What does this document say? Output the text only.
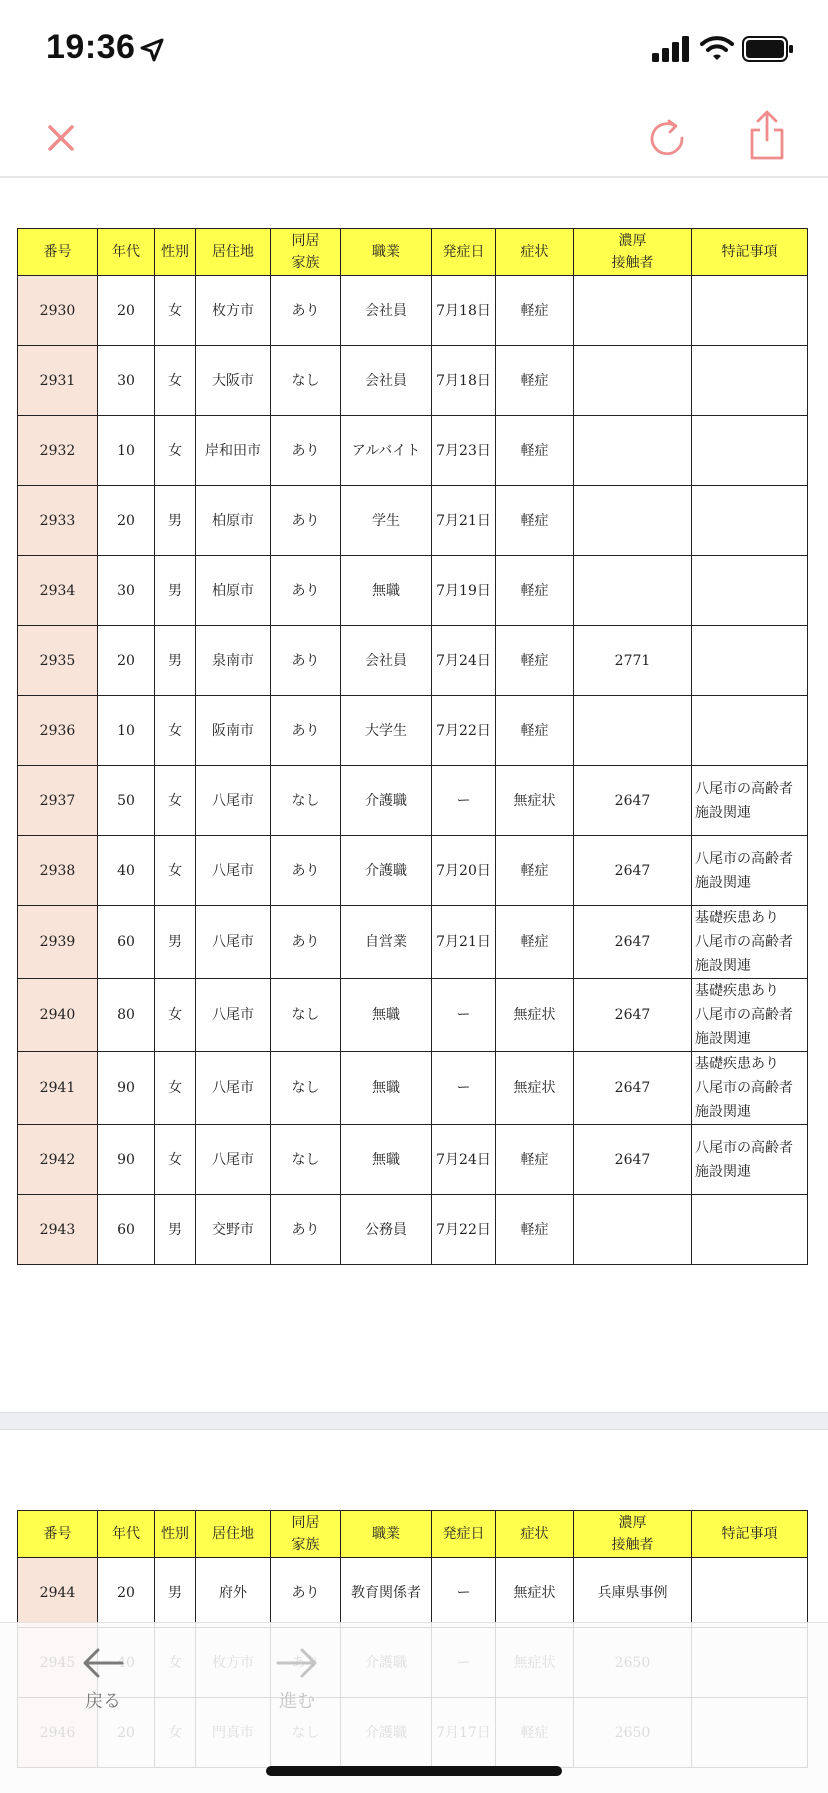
19:36
番号	年代	性別	居住地	同居
家族	職業	発症日	症状	濃厚
接触者	特記事項
2930	20	女	枚方市	あり	会社員	7月18日	軽症		
2931	30	女	大阪市	なし	会社員	7月18日	軽症		
2932	10	女	岸和田市	あり	アルバイト	7月23日	軽症		
2933	20	男	柏原市	あり	学生	7月21日	軽症		
2934	30	男	柏原市	あり	無職	7月19日	軽症		
2935	20	男	泉南市	あり	会社員	7月24日	軽症	2771	
2936	10	女	阪南市	あり	大学生	7月22日	軽症		
2937	50	女	八尾市	なし	介護職	ー	無症状	2647	八尾市の高齢者
施設関連
2938	40	女	八尾市	あり	介護職	7月20日	軽症	2647	八尾市の高齢者
施設関連
2939	60	男	八尾市	あり	自営業	7月21日	軽症	2647	基礎疾患あり
八尾市の高齢者
施設関連
2940	80	女	八尾市	なし	無職	ー	無症状	2647	基礎疾患あり
八尾市の高齢者
施設関連
2941	90	女	八尾市	なし	無職	ー	無症状	2647	基礎疾患あり
八尾市の高齢者
施設関連
2942	90	女	八尾市	なし	無職	7月24日	軽症	2647	八尾市の高齢者
施設関連
2943	60	男	交野市	あり	公務員	7月22日	軽症		
番号	年代	性別	居住地	同居
家族	職業	発症日	症状	濃厚
接触者	特記事項
2944	20	男	府外	あり	教育関係者	ー	無症状	兵庫県事例	

戻る	進む
